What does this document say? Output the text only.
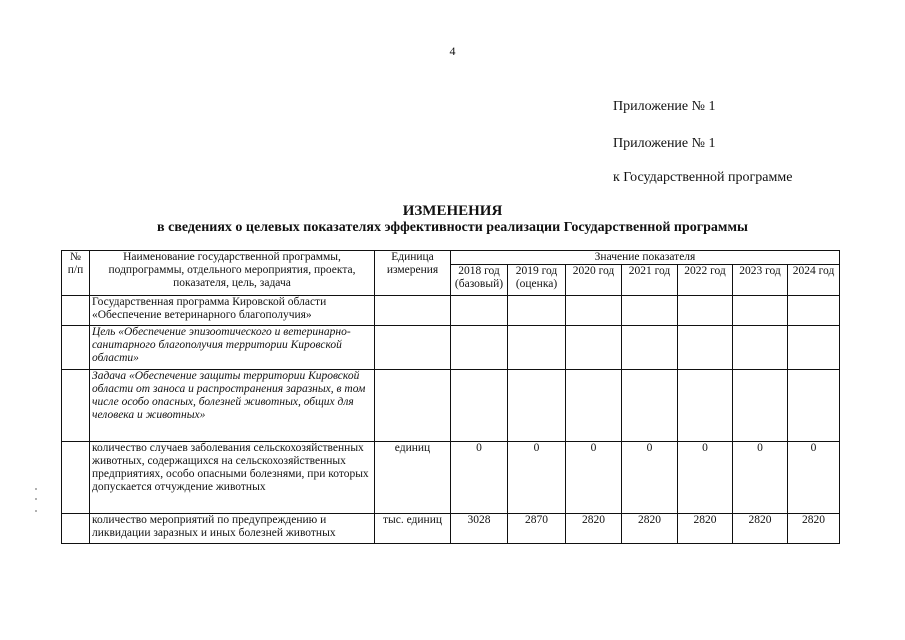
4
Приложение № 1
Приложение № 1
к Государственной программе
ИЗМЕНЕНИЯ
в сведениях о целевых показателях эффективности реализации Государственной программы
№ п/п	Наименование государственной программы, подпрограммы, отдельного мероприятия, проекта, показателя, цель, задача	Единица измерения	Значение показателя						
			2018 год (базовый)	2019 год (оценка)	2020 год	2021 год	2022 год	2023 год	2024 год
	Государственная программа Кировской области «Обеспечение ветеринарного благополучия»								
	Цель «Обеспечение эпизоотического и ветеринарно-санитарного благополучия территории Кировской области»								
	Задача «Обеспечение защиты территории Кировской области от заноса и распространения заразных, в том числе особо опасных, болезней животных, общих для человека и животных»								
	количество случаев заболевания сельскохозяйственных животных, содержащихся на сельскохозяйственных предприятиях, особо опасными болезнями, при которых допускается отчуждение животных	единиц	0	0	0	0	0	0	0
	количество мероприятий по предупреждению и ликвидации заразных и иных болезней животных	тыс. единиц	3028	2870	2820	2820	2820	2820	2820
